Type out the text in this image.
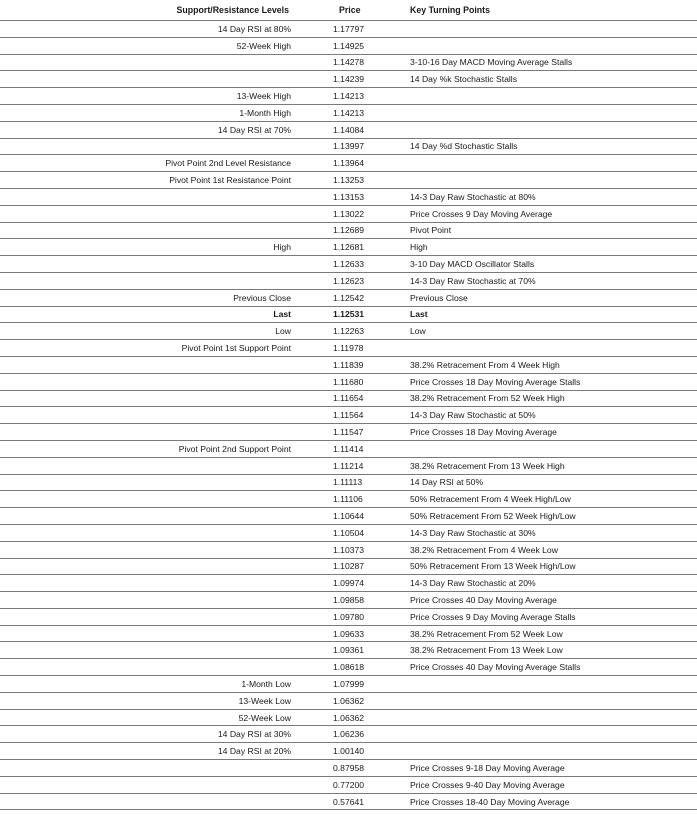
Support/Resistance Levels		Price	Key Turning Points
14 Day RSI at 80%		1.17797	
52-Week High		1.14925	
		1.14278	3-10-16 Day MACD Moving Average Stalls
		1.14239	14 Day %k Stochastic Stalls
13-Week High		1.14213	
1-Month High		1.14213	
14 Day RSI at 70%		1.14084	
		1.13997	14 Day %d Stochastic Stalls
Pivot Point 2nd Level Resistance		1.13964	
Pivot Point 1st Resistance Point		1.13253	
		1.13153	14-3 Day Raw Stochastic at 80%
		1.13022	Price Crosses 9 Day Moving Average
		1.12689	Pivot Point
High		1.12681	High
		1.12633	3-10 Day MACD Oscillator Stalls
		1.12623	14-3 Day Raw Stochastic at 70%
Previous Close		1.12542	Previous Close
Last		1.12531	Last
Low		1.12263	Low
Pivot Point 1st Support Point		1.11978	
		1.11839	38.2% Retracement From 4 Week High
		1.11680	Price Crosses 18 Day Moving Average Stalls
		1.11654	38.2% Retracement From 52 Week High
		1.11564	14-3 Day Raw Stochastic at 50%
		1.11547	Price Crosses 18 Day Moving Average
Pivot Point 2nd Support Point		1.11414	
		1.11214	38.2% Retracement From 13 Week High
		1.11113	14 Day RSI at 50%
		1.11106	50% Retracement From 4 Week High/Low
		1.10644	50% Retracement From 52 Week High/Low
		1.10504	14-3 Day Raw Stochastic at 30%
		1.10373	38.2% Retracement From 4 Week Low
		1.10287	50% Retracement From 13 Week High/Low
		1.09974	14-3 Day Raw Stochastic at 20%
		1.09858	Price Crosses 40 Day Moving Average
		1.09780	Price Crosses 9 Day Moving Average Stalls
		1.09633	38.2% Retracement From 52 Week Low
		1.09361	38.2% Retracement From 13 Week Low
		1.08618	Price Crosses 40 Day Moving Average Stalls
1-Month Low		1.07999	
13-Week Low		1.06362	
52-Week Low		1.06362	
14 Day RSI at 30%		1.06236	
14 Day RSI at 20%		1.00140	
		0.87958	Price Crosses 9-18 Day Moving Average
		0.77200	Price Crosses 9-40 Day Moving Average
		0.57641	Price Crosses 18-40 Day Moving Average
